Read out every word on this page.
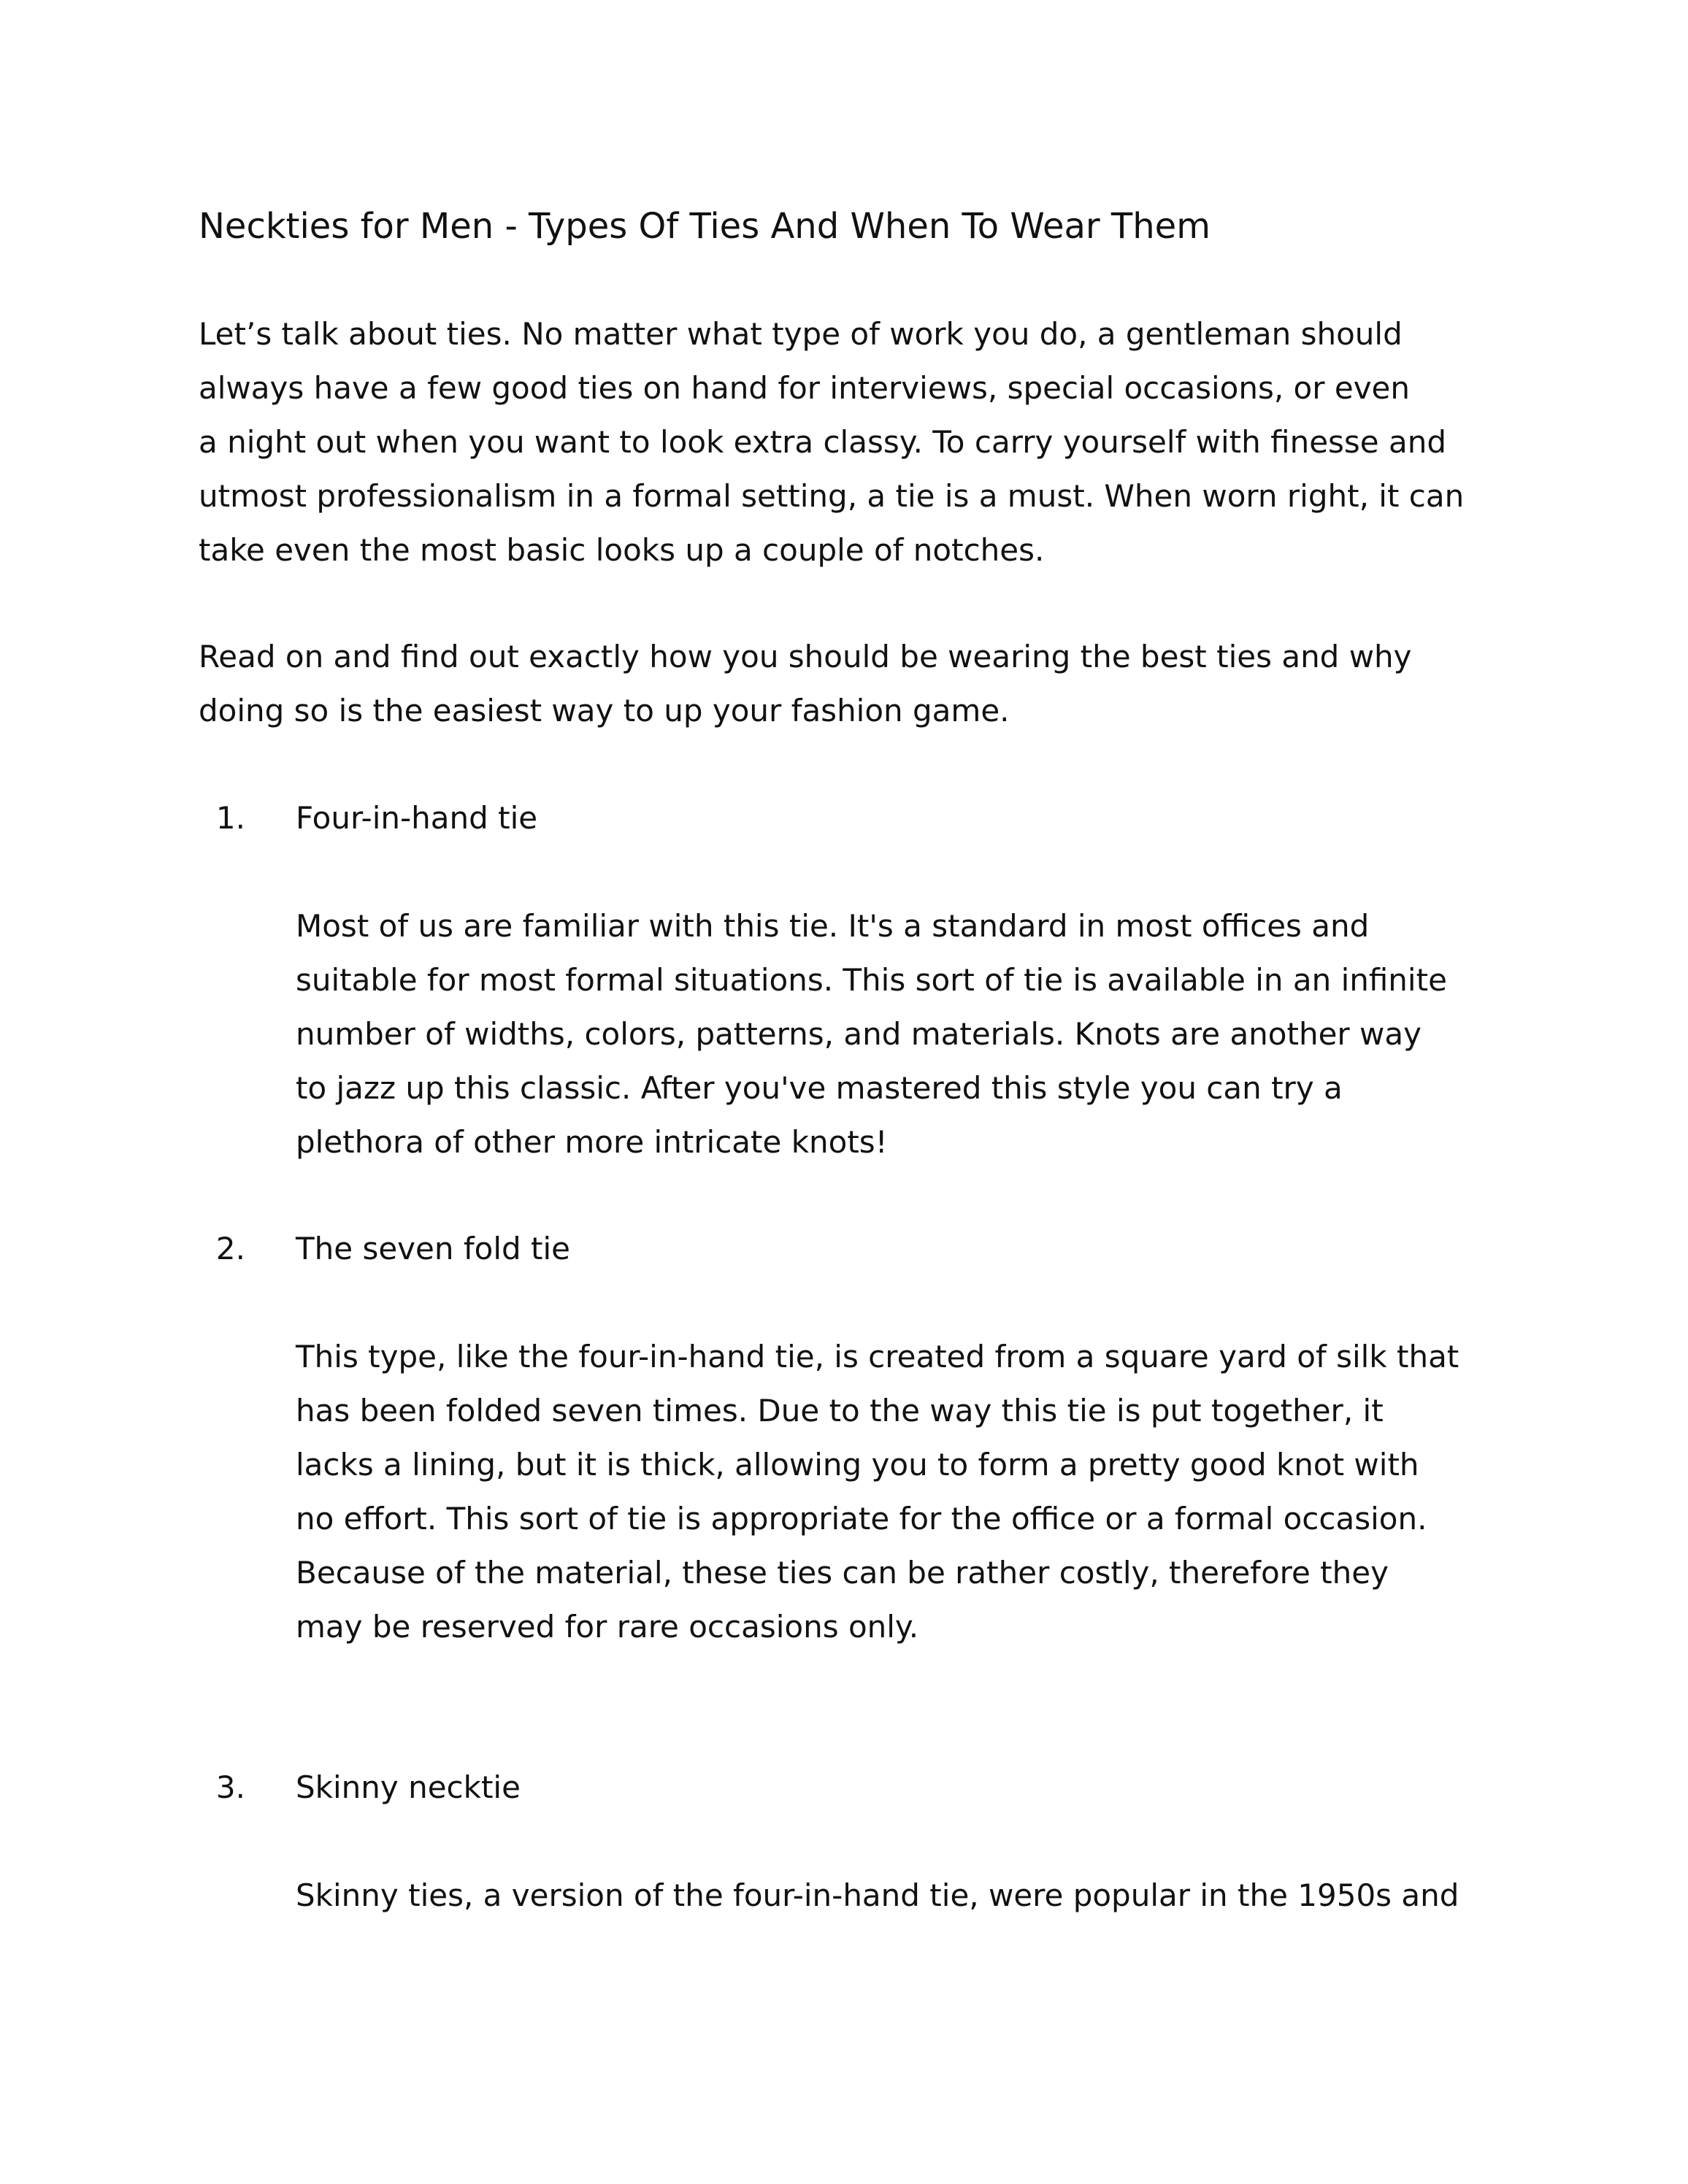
Neckties for Men - Types Of Ties And When To Wear Them

Let’s talk about ties. No matter what type of work you do, a gentleman should
always have a few good ties on hand for interviews, special occasions, or even
a night out when you want to look extra classy. To carry yourself with finesse and
utmost professionalism in a formal setting, a tie is a must. When worn right, it can
take even the most basic looks up a couple of notches.

Read on and find out exactly how you should be wearing the best ties and why
doing so is the easiest way to up your fashion game.

1. Four-in-hand tie

Most of us are familiar with this tie. It's a standard in most offices and
suitable for most formal situations. This sort of tie is available in an infinite
number of widths, colors, patterns, and materials. Knots are another way
to jazz up this classic. After you've mastered this style you can try a
plethora of other more intricate knots!

2. The seven fold tie

This type, like the four-in-hand tie, is created from a square yard of silk that
has been folded seven times. Due to the way this tie is put together, it
lacks a lining, but it is thick, allowing you to form a pretty good knot with
no effort. This sort of tie is appropriate for the office or a formal occasion.
Because of the material, these ties can be rather costly, therefore they
may be reserved for rare occasions only.

3. Skinny necktie

Skinny ties, a version of the four-in-hand tie, were popular in the 1950s and
